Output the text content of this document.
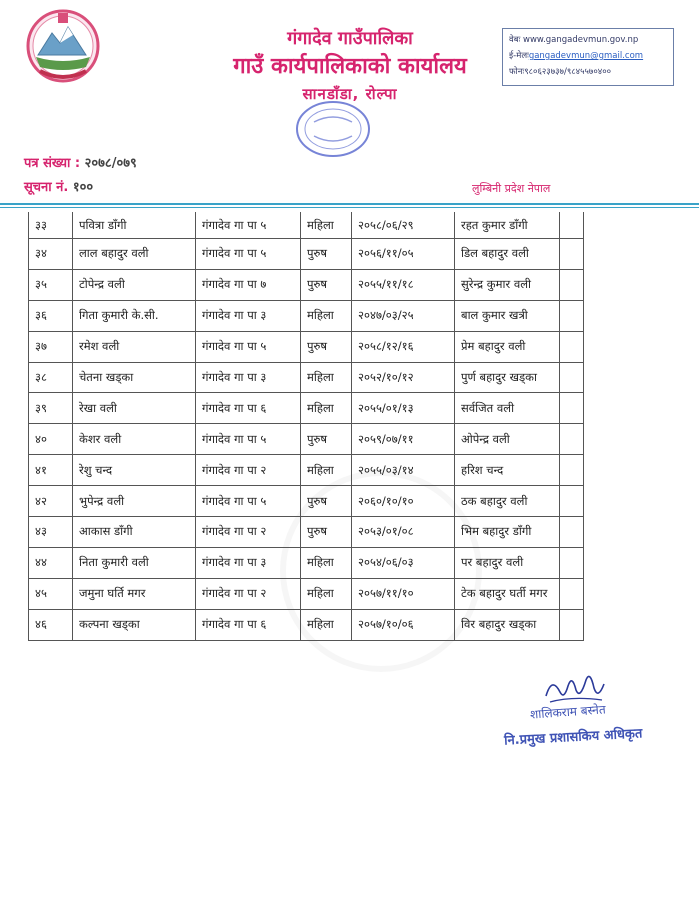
गंगादेव गाउँपालिका
गाउँ कार्यपालिकाको कार्यालय
सानडाँडा, रोल्पा
वेबः www.gangadevmun.gov.np
ई-मेलःgangadevmun@gmail.com
फोनः९८०६२३७३७/९८४५५७०४००
पत्र संख्या : २०७८/०७९
सूचना नं. १००	लुम्बिनी प्रदेश नेपाल
३३	पवित्रा डाँगी	गंगादेव गा पा ५	महिला	२०५८/०६/२९	रहत कुमार डाँगी	
३४	लाल बहादुर वली	गंगादेव गा पा ५	पुरुष	२०५६/११/०५	डिल बहादुर वली	
३५	टोपेन्द्र वली	गंगादेव गा पा ७	पुरुष	२०५५/११/१८	सुरेन्द्र कुमार वली	
३६	गिता कुमारी के.सी.	गंगादेव गा पा ३	महिला	२०४७/०३/२५	बाल कुमार खत्री	
३७	रमेश वली	गंगादेव गा पा ५	पुरुष	२०५८/१२/१६	प्रेम बहादुर वली	
३८	चेतना खड्का	गंगादेव गा पा ३	महिला	२०५२/१०/१२	पुर्ण बहादुर खड्का	
३९	रेखा वली	गंगादेव गा पा ६	महिला	२०५५/०१/१३	सर्वजित वली	
४०	केशर वली	गंगादेव गा पा ५	पुरुष	२०५९/०७/११	ओपेन्द्र वली	
४१	रेशु चन्द	गंगादेव गा पा २	महिला	२०५५/०३/१४	हरिश चन्द	
४२	भुपेन्द्र वली	गंगादेव गा पा ५	पुरुष	२०६०/१०/१०	ठक बहादुर वली	
४३	आकास डाँगी	गंगादेव गा पा २	पुरुष	२०५३/०१/०८	भिम बहादुर डाँगी	
४४	निता कुमारी वली	गंगादेव गा पा ३	महिला	२०५४/०६/०३	पर बहादुर वली	
४५	जमुना घर्ति मगर	गंगादेव गा पा २	महिला	२०५७/११/१०	टेक बहादुर घर्ती मगर	
४६	कल्पना खड्का	गंगादेव गा पा ६	महिला	२०५७/१०/०६	विर बहादुर खड्का	
शालिकराम बस्नेत
नि.प्रमुख प्रशासकिय अधिकृत
